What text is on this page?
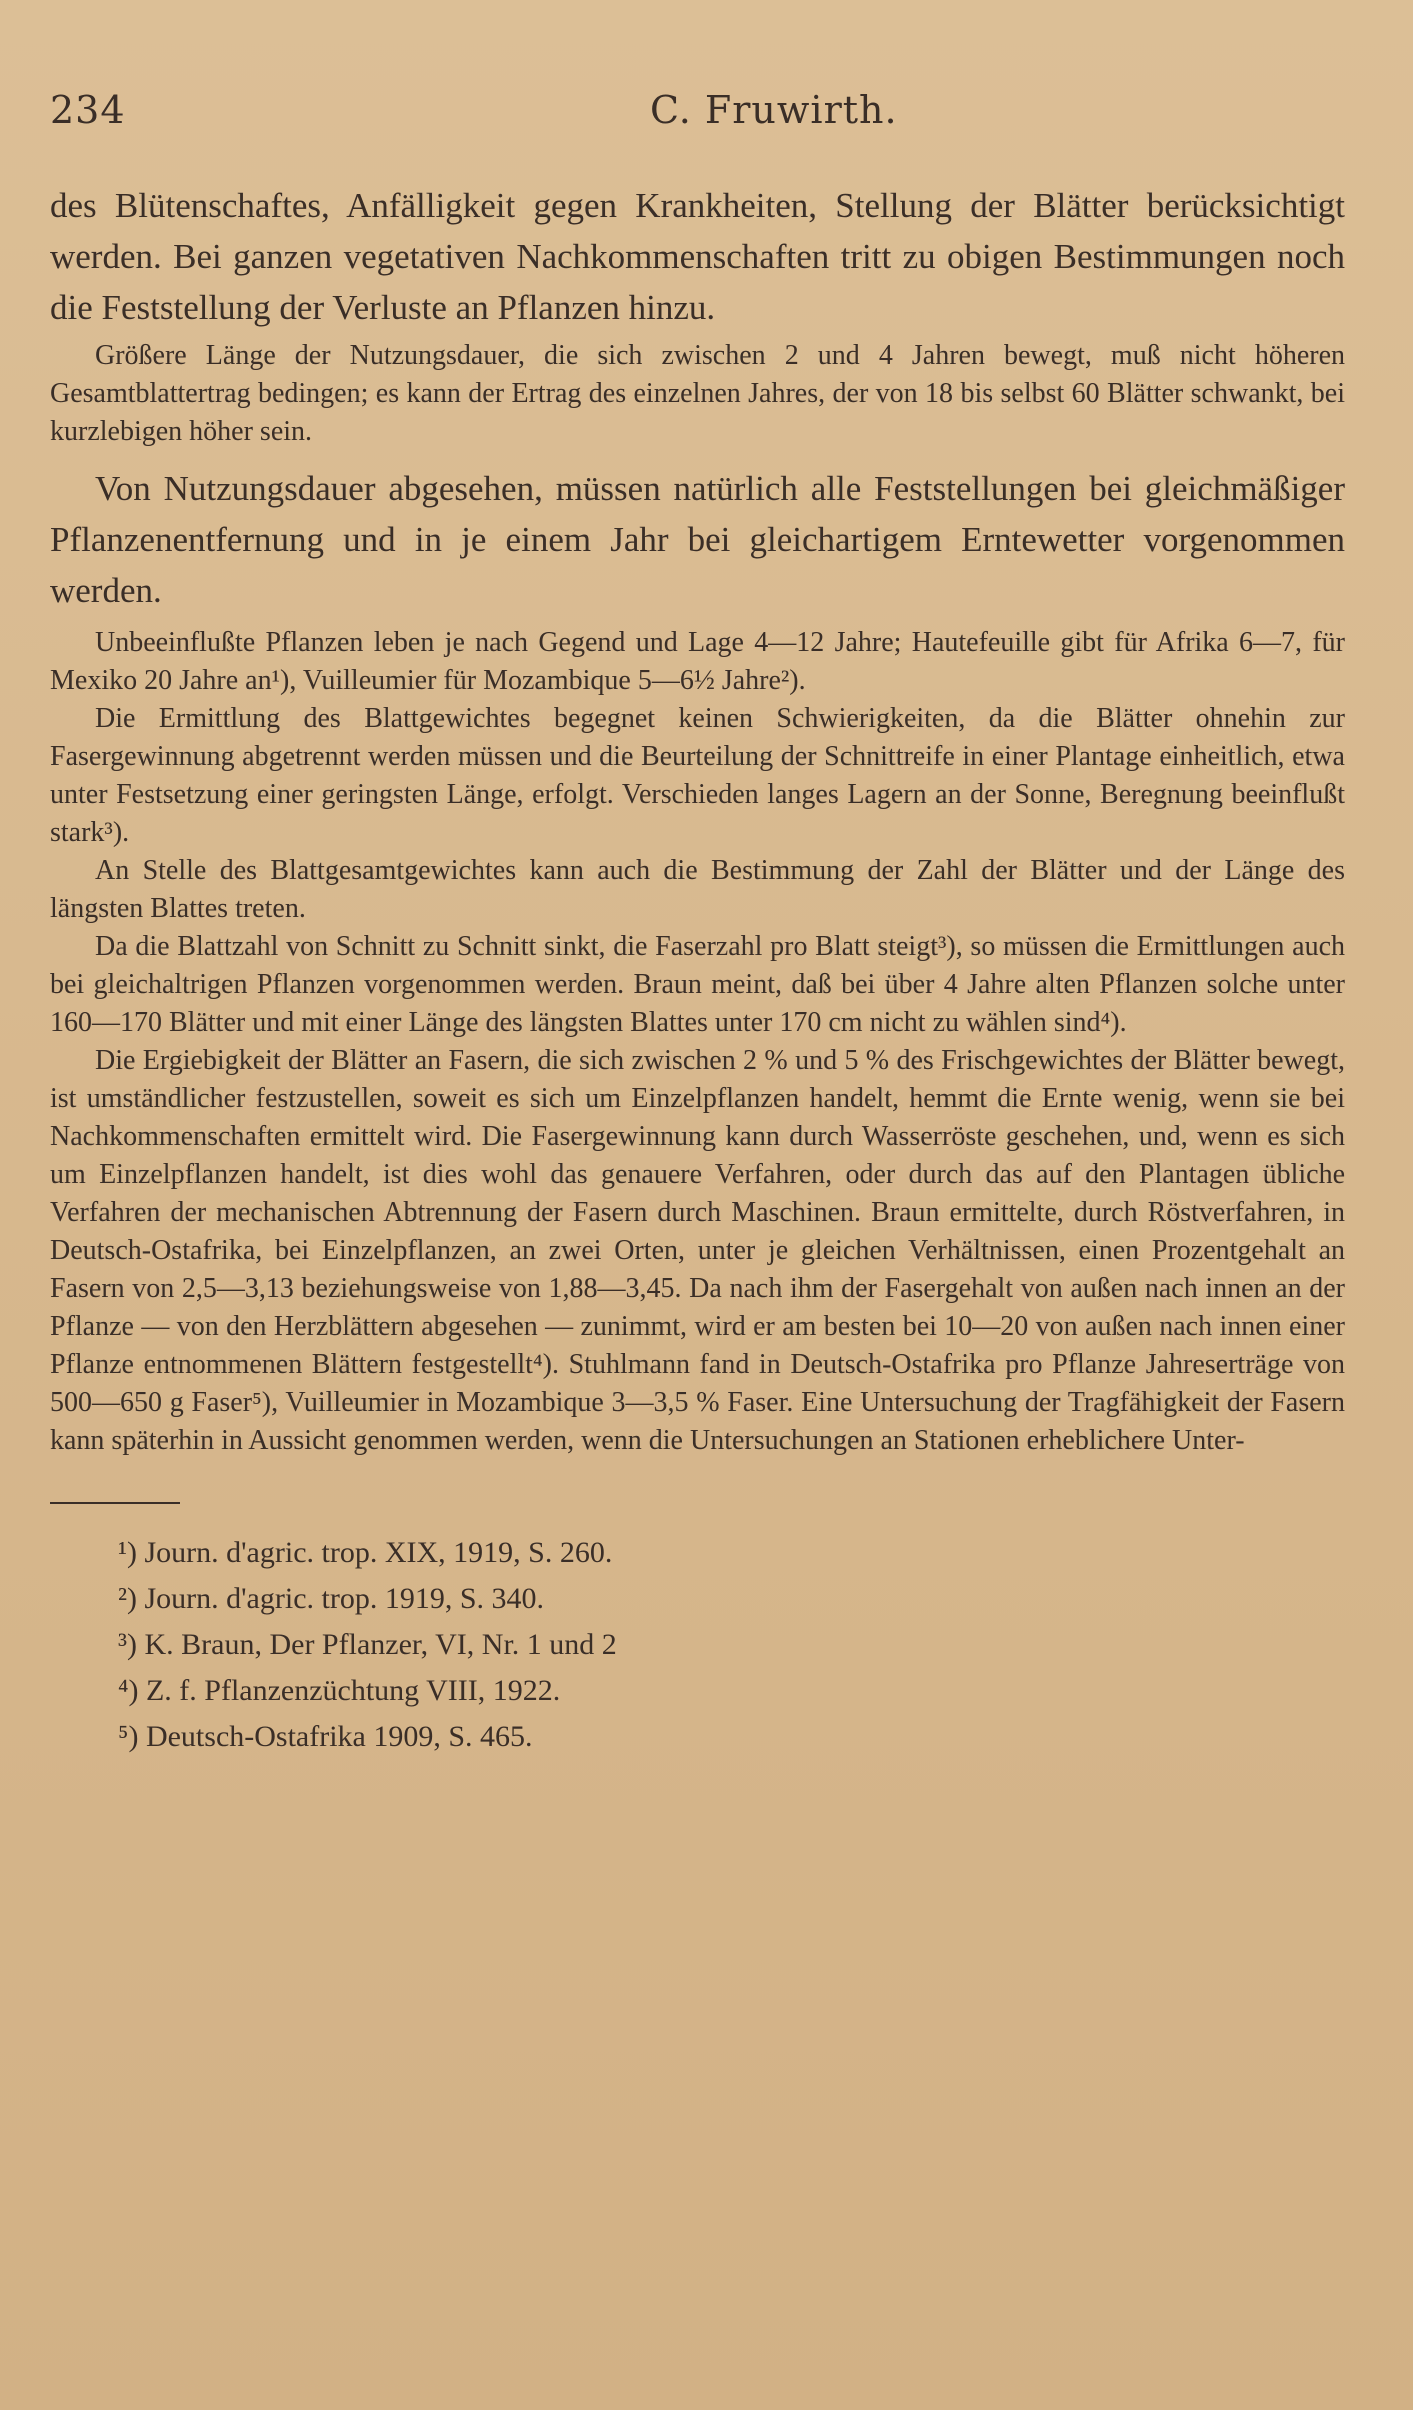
234	C. Fruwirth.

des Blütenschaftes, Anfälligkeit gegen Krankheiten, Stellung der Blätter berücksichtigt werden. Bei ganzen vegetativen Nachkommenschaften tritt zu obigen Bestimmungen noch die Feststellung der Verluste an Pflanzen hinzu.

Größere Länge der Nutzungsdauer, die sich zwischen 2 und 4 Jahren bewegt, muß nicht höheren Gesamtblattertrag bedingen; es kann der Ertrag des einzelnen Jahres, der von 18 bis selbst 60 Blätter schwankt, bei kurzlebigen höher sein.

Von Nutzungsdauer abgesehen, müssen natürlich alle Feststellungen bei gleichmäßiger Pflanzenentfernung und in je einem Jahr bei gleichartigem Erntewetter vorgenommen werden.

Unbeeinflußte Pflanzen leben je nach Gegend und Lage 4—12 Jahre; Hautefeuille gibt für Afrika 6—7, für Mexiko 20 Jahre an¹), Vuilleumier für Mozambique 5—6½ Jahre²).

Die Ermittlung des Blattgewichtes begegnet keinen Schwierigkeiten, da die Blätter ohnehin zur Fasergewinnung abgetrennt werden müssen und die Beurteilung der Schnittreife in einer Plantage einheitlich, etwa unter Festsetzung einer geringsten Länge, erfolgt. Verschieden langes Lagern an der Sonne, Beregnung beeinflußt stark³).

An Stelle des Blattgesamtgewichtes kann auch die Bestimmung der Zahl der Blätter und der Länge des längsten Blattes treten.

Da die Blattzahl von Schnitt zu Schnitt sinkt, die Faserzahl pro Blatt steigt³), so müssen die Ermittlungen auch bei gleichaltrigen Pflanzen vorgenommen werden. Braun meint, daß bei über 4 Jahre alten Pflanzen solche unter 160—170 Blätter und mit einer Länge des längsten Blattes unter 170 cm nicht zu wählen sind⁴).

Die Ergiebigkeit der Blätter an Fasern, die sich zwischen 2 % und 5 % des Frischgewichtes der Blätter bewegt, ist umständlicher festzustellen, soweit es sich um Einzelpflanzen handelt, hemmt die Ernte wenig, wenn sie bei Nachkommenschaften ermittelt wird. Die Fasergewinnung kann durch Wasserröste geschehen, und, wenn es sich um Einzelpflanzen handelt, ist dies wohl das genauere Verfahren, oder durch das auf den Plantagen übliche Verfahren der mechanischen Abtrennung der Fasern durch Maschinen. Braun ermittelte, durch Röstverfahren, in Deutsch-Ostafrika, bei Einzelpflanzen, an zwei Orten, unter je gleichen Verhältnissen, einen Prozentgehalt an Fasern von 2,5—3,13 beziehungsweise von 1,88—3,45. Da nach ihm der Fasergehalt von außen nach innen an der Pflanze — von den Herzblättern abgesehen — zunimmt, wird er am besten bei 10—20 von außen nach innen einer Pflanze entnommenen Blättern festgestellt⁴). Stuhlmann fand in Deutsch-Ostafrika pro Pflanze Jahreserträge von 500—650 g Faser⁵), Vuilleumier in Mozambique 3—3,5 % Faser. Eine Untersuchung der Tragfähigkeit der Fasern kann späterhin in Aussicht genommen werden, wenn die Untersuchungen an Stationen erheblichere Unter-

¹) Journ. d'agric. trop. XIX, 1919, S. 260.

²) Journ. d'agric. trop. 1919, S. 340.

³) K. Braun, Der Pflanzer, VI, Nr. 1 und 2

⁴) Z. f. Pflanzenzüchtung VIII, 1922.

⁵) Deutsch-Ostafrika 1909, S. 465.
